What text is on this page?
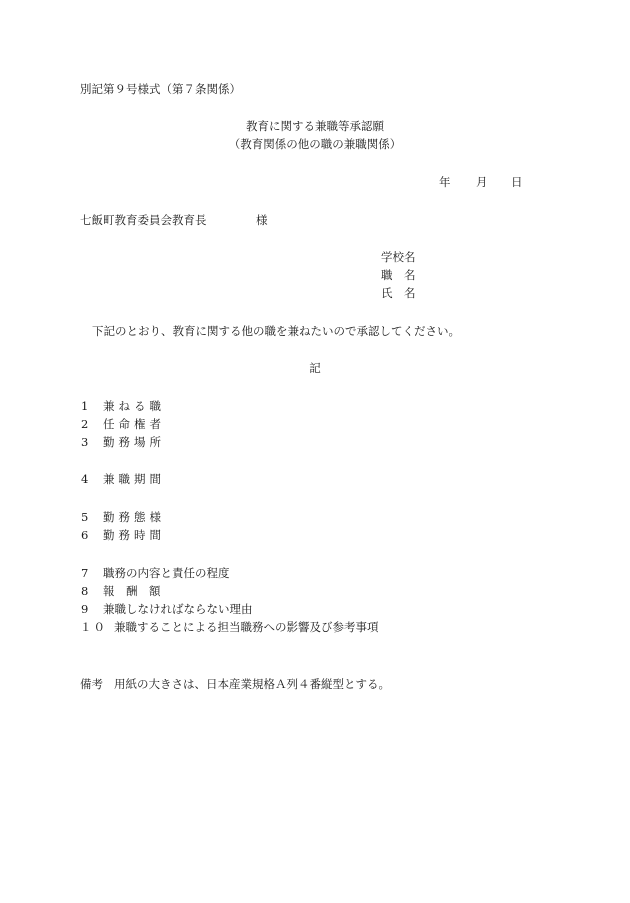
別記第９号様式（第７条関係）
教育に関する兼職等承認願
（教育関係の他の職の兼職関係）
年 月 日
七飯町教育委員会教育長	様
学校名
職　名
氏　名
下記のとおり、教育に関する他の職を兼ねたいので承認してください。
記
1 兼ねる職
2 任命権者
3 勤務場所
4 兼職期間
5 勤務態様
6 勤務時間
7 職務の内容と責任の程度
8 報　酬　額
9 兼職しなければならない理由
１０ 兼職することによる担当職務への影響及び参考事項
備考 用紙の大きさは、日本産業規格Ａ列４番縦型とする。
